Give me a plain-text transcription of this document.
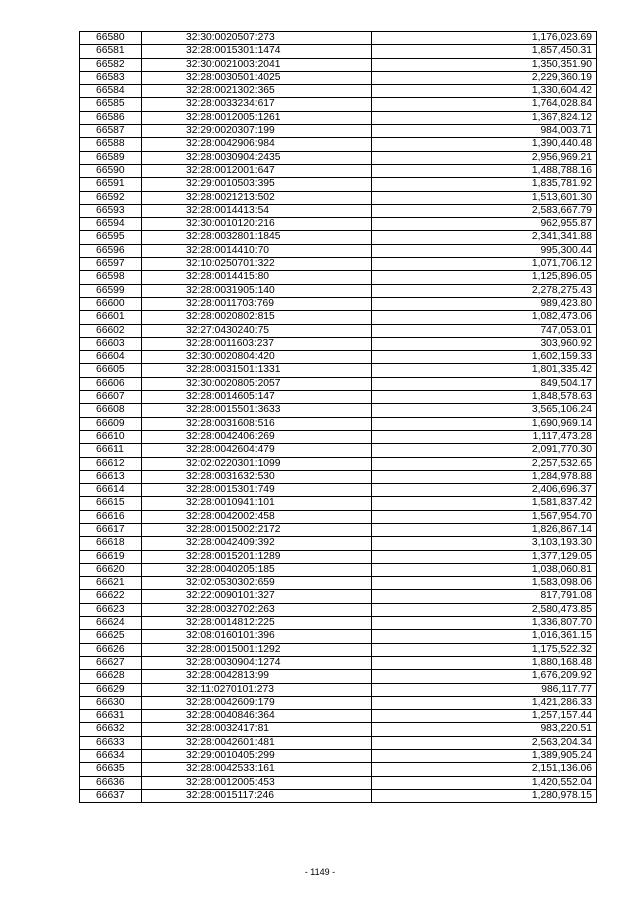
66580	32:30:0020507:273	1,176,023.69
66581	32:28:0015301:1474	1,857,450.31
66582	32:30:0021003:2041	1,350,351.90
66583	32:28:0030501:4025	2,229,360.19
66584	32:28:0021302:365	1,330,604.42
66585	32:28:0033234:617	1,764,028.84
66586	32:28:0012005:1261	1,367,824.12
66587	32:29:0020307:199	984,003.71
66588	32:28:0042906:984	1,390,440.48
66589	32:28:0030904:2435	2,956,969.21
66590	32:28:0012001:647	1,488,788.16
66591	32:29:0010503:395	1,835,781.92
66592	32:28:0021213:502	1,513,601.30
66593	32:28:0014413:54	2,583,667.79
66594	32:30:0010120:216	962,955.87
66595	32:28:0032801:1845	2,341,341.88
66596	32:28:0014410:70	995,300.44
66597	32:10:0250701:322	1,071,706.12
66598	32:28:0014415:80	1,125,896.05
66599	32:28:0031905:140	2,278,275.43
66600	32:28:0011703:769	989,423.80
66601	32:28:0020802:815	1,082,473.06
66602	32:27:0430240:75	747,053.01
66603	32:28:0011603:237	303,960.92
66604	32:30:0020804:420	1,602,159.33
66605	32:28:0031501:1331	1,801,335.42
66606	32:30:0020805:2057	849,504.17
66607	32:28:0014605:147	1,848,578.63
66608	32:28:0015501:3633	3,565,106.24
66609	32:28:0031608:516	1,690,969.14
66610	32:28:0042406:269	1,117,473.28
66611	32:28:0042604:479	2,091,770.30
66612	32:02:0220301:1099	2,257,532.65
66613	32:28:0031632:530	1,284,978.88
66614	32:28:0015301:749	2,406,696.37
66615	32:28:0010941:101	1,581,837.42
66616	32:28:0042002:458	1,567,954.70
66617	32:28:0015002:2172	1,826,867.14
66618	32:28:0042409:392	3,103,193.30
66619	32:28:0015201:1289	1,377,129.05
66620	32:28:0040205:185	1,038,060.81
66621	32:02:0530302:659	1,583,098.06
66622	32:22:0090101:327	817,791.08
66623	32:28:0032702:263	2,580,473.85
66624	32:28:0014812:225	1,336,807.70
66625	32:08:0160101:396	1,016,361.15
66626	32:28:0015001:1292	1,175,522.32
66627	32:28:0030904:1274	1,880,168.48
66628	32:28:0042813:99	1,676,209.92
66629	32:11:0270101:273	986,117.77
66630	32:28:0042609:179	1,421,286.33
66631	32:28:0040846:364	1,257,157.44
66632	32:28:0032417:81	983,220.51
66633	32:28:0042601:481	2,563,204.34
66634	32:29:0010405:299	1,389,905.24
66635	32:28:0042533:161	2,151,136.06
66636	32:28:0012005:453	1,420,552.04
66637	32:28:0015117:246	1,280,978.15
- 1149 -
